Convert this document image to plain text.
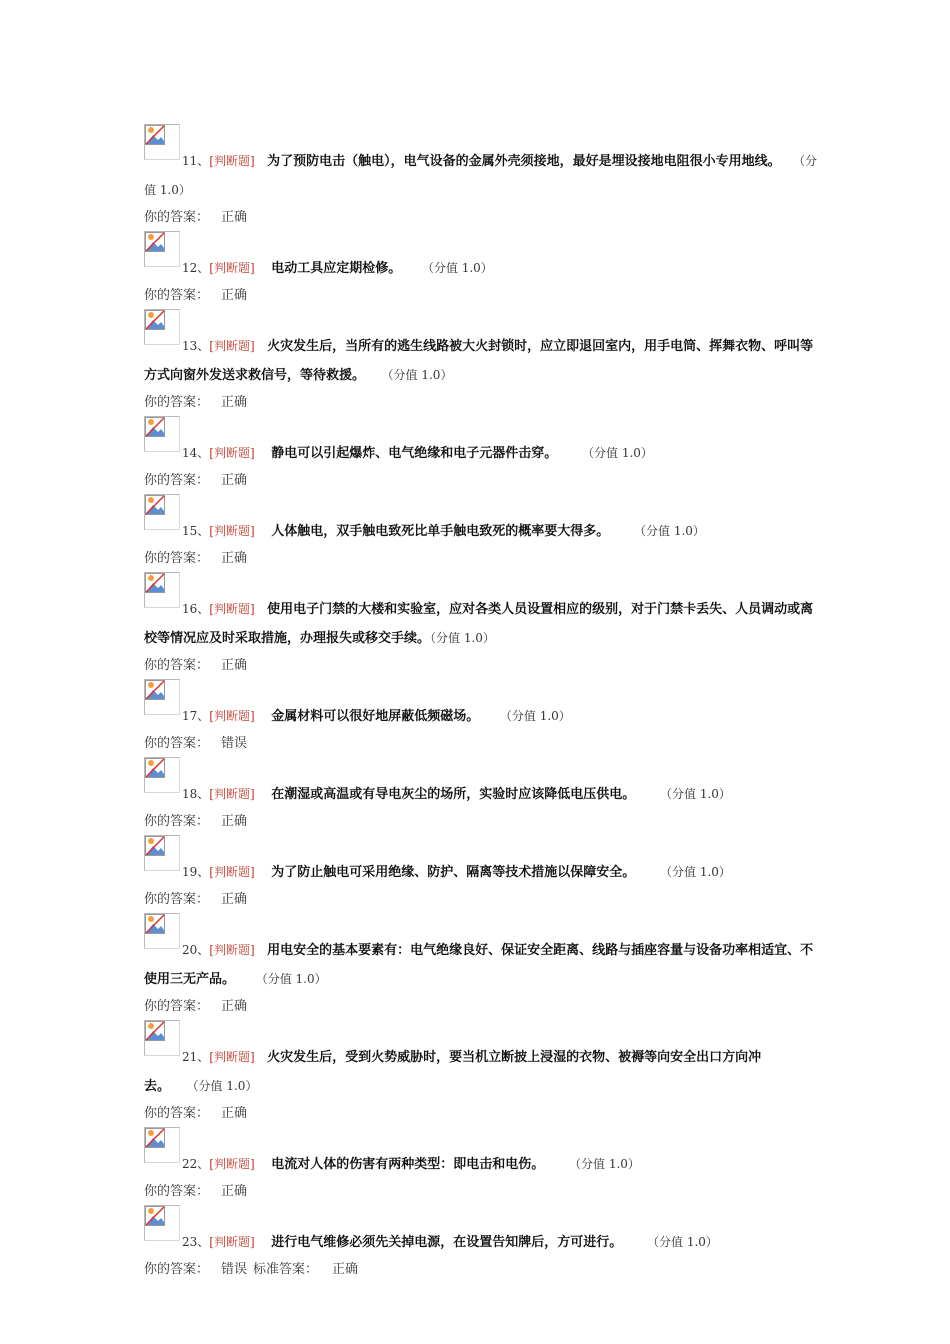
11、[判断题] 为了预防电击（触电），电气设备的金属外壳须接地，最好是埋设接地电阻很小专用地线。 （分值 1.0）
你的答案： 正确
12、[判断题] 电动工具应定期检修。 （分值 1.0）
你的答案： 正确
13、[判断题] 火灾发生后，当所有的逃生线路被大火封锁时，应立即退回室内，用手电筒、挥舞衣物、呼叫等方式向窗外发送求救信号，等待救援。 （分值 1.0）
你的答案： 正确
14、[判断题] 静电可以引起爆炸、电气绝缘和电子元器件击穿。 （分值 1.0）
你的答案： 正确
15、[判断题] 人体触电，双手触电致死比单手触电致死的概率要大得多。 （分值 1.0）
你的答案： 正确
16、[判断题] 使用电子门禁的大楼和实验室，应对各类人员设置相应的级别，对于门禁卡丢失、人员调动或离校等情况应及时采取措施，办理报失或移交手续。（分值 1.0）
你的答案： 正确
17、[判断题] 金属材料可以很好地屏蔽低频磁场。 （分值 1.0）
你的答案： 错误
18、[判断题] 在潮湿或高温或有导电灰尘的场所，实验时应该降低电压供电。 （分值 1.0）
你的答案： 正确
19、[判断题] 为了防止触电可采用绝缘、防护、隔离等技术措施以保障安全。 （分值 1.0）
你的答案： 正确
20、[判断题] 用电安全的基本要素有：电气绝缘良好、保证安全距离、线路与插座容量与设备功率相适宜、不使用三无产品。 （分值 1.0）
你的答案： 正确
21、[判断题] 火灾发生后，受到火势威胁时，要当机立断披上浸湿的衣物、被褥等向安全出口方向冲去。 （分值 1.0）
你的答案： 正确
22、[判断题] 电流对人体的伤害有两种类型：即电击和电伤。 （分值 1.0）
你的答案： 正确
23、[判断题] 进行电气维修必须先关掉电源，在设置告知牌后，方可进行。 （分值 1.0）
你的答案： 错误 标准答案： 正确
